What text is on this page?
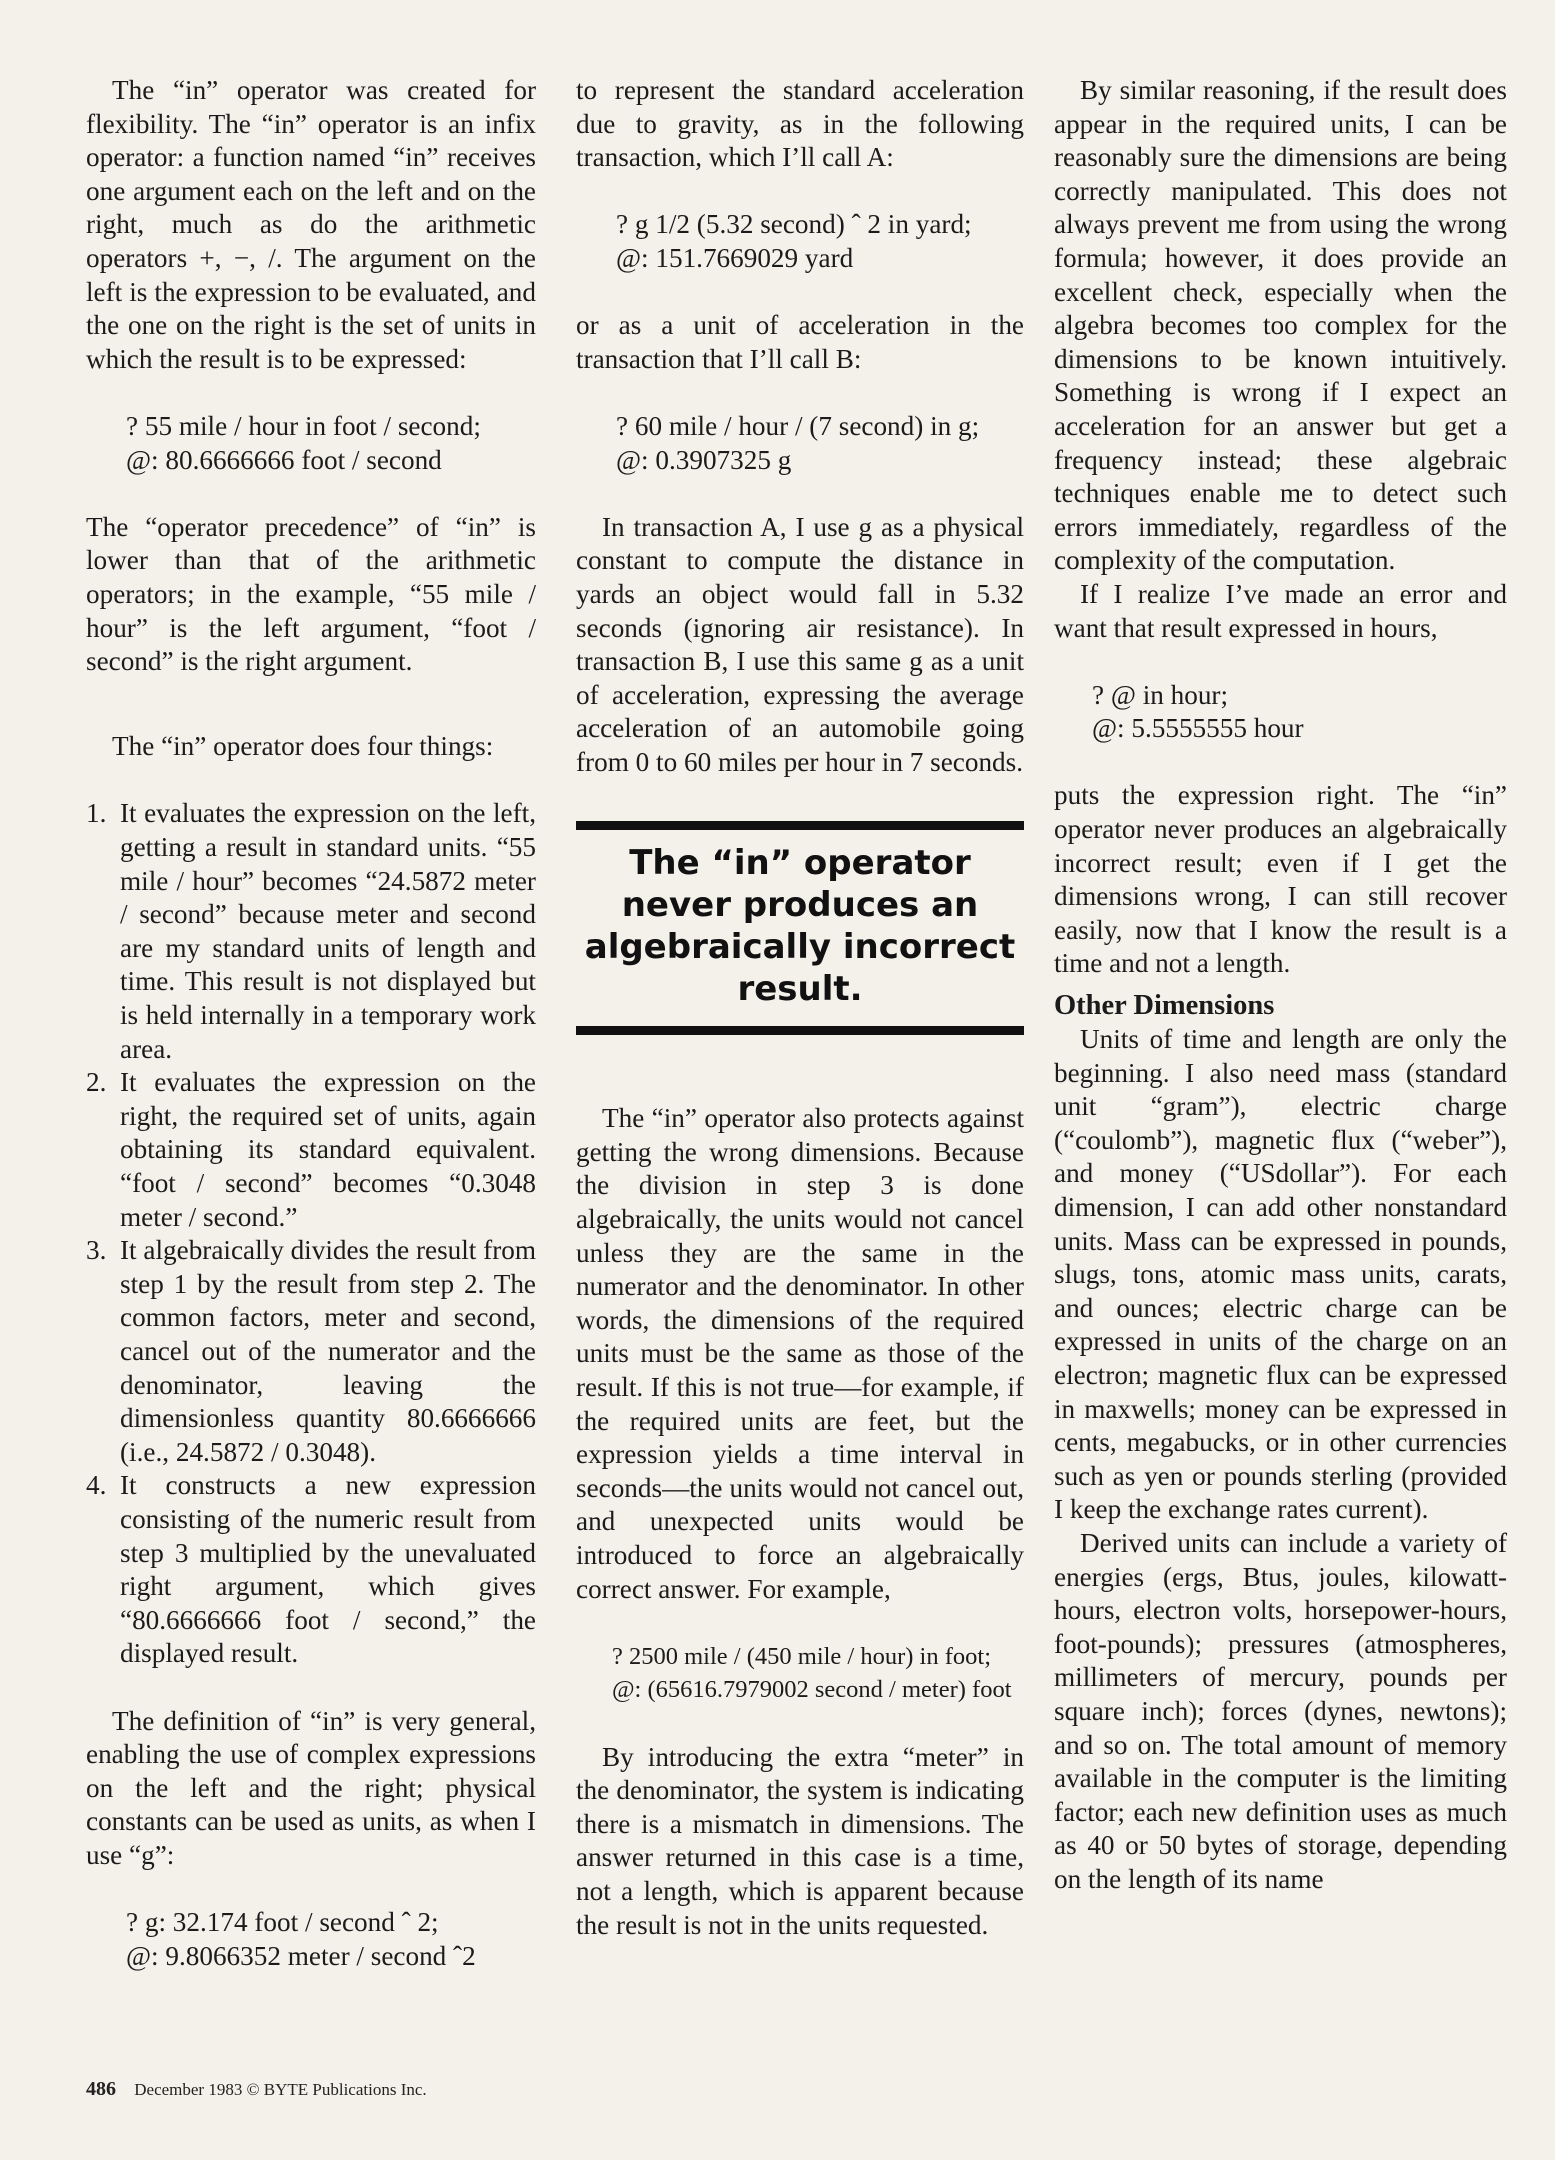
The “in” operator was created for flexibility. The “in” operator is an infix operator: a function named “in” receives one argument each on the left and on the right, much as do the arithmetic operators +, −, /. The argument on the left is the expression to be evaluated, and the one on the right is the set of units in which the result is to be expressed:

? 55 mile / hour in foot / second;

@: 80.6666666 foot / second

The “operator precedence” of “in” is lower than that of the arithmetic operators; in the example, “55 mile / hour” is the left argument, “foot / second” is the right argument.

The “in” operator does four things:

1. It evaluates the expression on the left, getting a result in standard units. “55 mile / hour” becomes “24.5872 meter / second” because meter and second are my standard units of length and time. This result is not displayed but is held internally in a temporary work area.
2. It evaluates the expression on the right, the required set of units, again obtaining its standard equivalent. “foot / second” becomes “0.3048 meter / second.”
3. It algebraically divides the result from step 1 by the result from step 2. The common factors, meter and second, cancel out of the numerator and the denominator, leaving the dimensionless quantity 80.6666666 (i.e., 24.5872 / 0.3048).
4. It constructs a new expression consisting of the numeric result from step 3 multiplied by the unevaluated right argument, which gives “80.6666666 foot / second,” the displayed result.

The definition of “in” is very general, enabling the use of complex expressions on the left and the right; physical constants can be used as units, as when I use “g”:

? g: 32.174 foot / second ˆ 2;

@: 9.8066352 meter / second ˆ2

to represent the standard acceleration due to gravity, as in the following transaction, which I’ll call A:

? g 1/2 (5.32 second) ˆ 2 in yard;

@: 151.7669029 yard

or as a unit of acceleration in the transaction that I’ll call B:

? 60 mile / hour / (7 second) in g;

@: 0.3907325 g

In transaction A, I use g as a physical constant to compute the distance in yards an object would fall in 5.32 seconds (ignoring air resistance). In transaction B, I use this same g as a unit of acceleration, expressing the average acceleration of an automobile going from 0 to 60 miles per hour in 7 seconds.

The “in” operator never produces an algebraically incorrect result.

The “in” operator also protects against getting the wrong dimensions. Because the division in step 3 is done algebraically, the units would not cancel unless they are the same in the numerator and the denominator. In other words, the dimensions of the required units must be the same as those of the result. If this is not true—for example, if the required units are feet, but the expression yields a time interval in seconds—the units would not cancel out, and unexpected units would be introduced to force an algebraically correct answer. For example,

? 2500 mile / (450 mile / hour) in foot;

@: (65616.7979002 second / meter) foot

By introducing the extra “meter” in the denominator, the system is indicating there is a mismatch in dimensions. The answer returned in this case is a time, not a length, which is apparent because the result is not in the units requested.

By similar reasoning, if the result does appear in the required units, I can be reasonably sure the dimensions are being correctly manipulated. This does not always prevent me from using the wrong formula; however, it does provide an excellent check, especially when the algebra becomes too complex for the dimensions to be known intuitively. Something is wrong if I expect an acceleration for an answer but get a frequency instead; these algebraic techniques enable me to detect such errors immediately, regardless of the complexity of the computation.

If I realize I’ve made an error and want that result expressed in hours,

? @ in hour;

@: 5.5555555 hour

puts the expression right. The “in” operator never produces an algebraically incorrect result; even if I get the dimensions wrong, I can still recover easily, now that I know the result is a time and not a length.

Other Dimensions

Units of time and length are only the beginning. I also need mass (standard unit “gram”), electric charge (“coulomb”), magnetic flux (“weber”), and money (“USdollar”). For each dimension, I can add other nonstandard units. Mass can be expressed in pounds, slugs, tons, atomic mass units, carats, and ounces; electric charge can be expressed in units of the charge on an electron; magnetic flux can be expressed in maxwells; money can be expressed in cents, megabucks, or in other currencies such as yen or pounds sterling (provided I keep the exchange rates current).

Derived units can include a variety of energies (ergs, Btus, joules, kilowatt-hours, electron volts, horsepower-hours, foot-pounds); pressures (atmospheres, millimeters of mercury, pounds per square inch); forces (dynes, newtons); and so on. The total amount of memory available in the computer is the limiting factor; each new definition uses as much as 40 or 50 bytes of storage, depending on the length of its name

486 December 1983 © BYTE Publications Inc.
